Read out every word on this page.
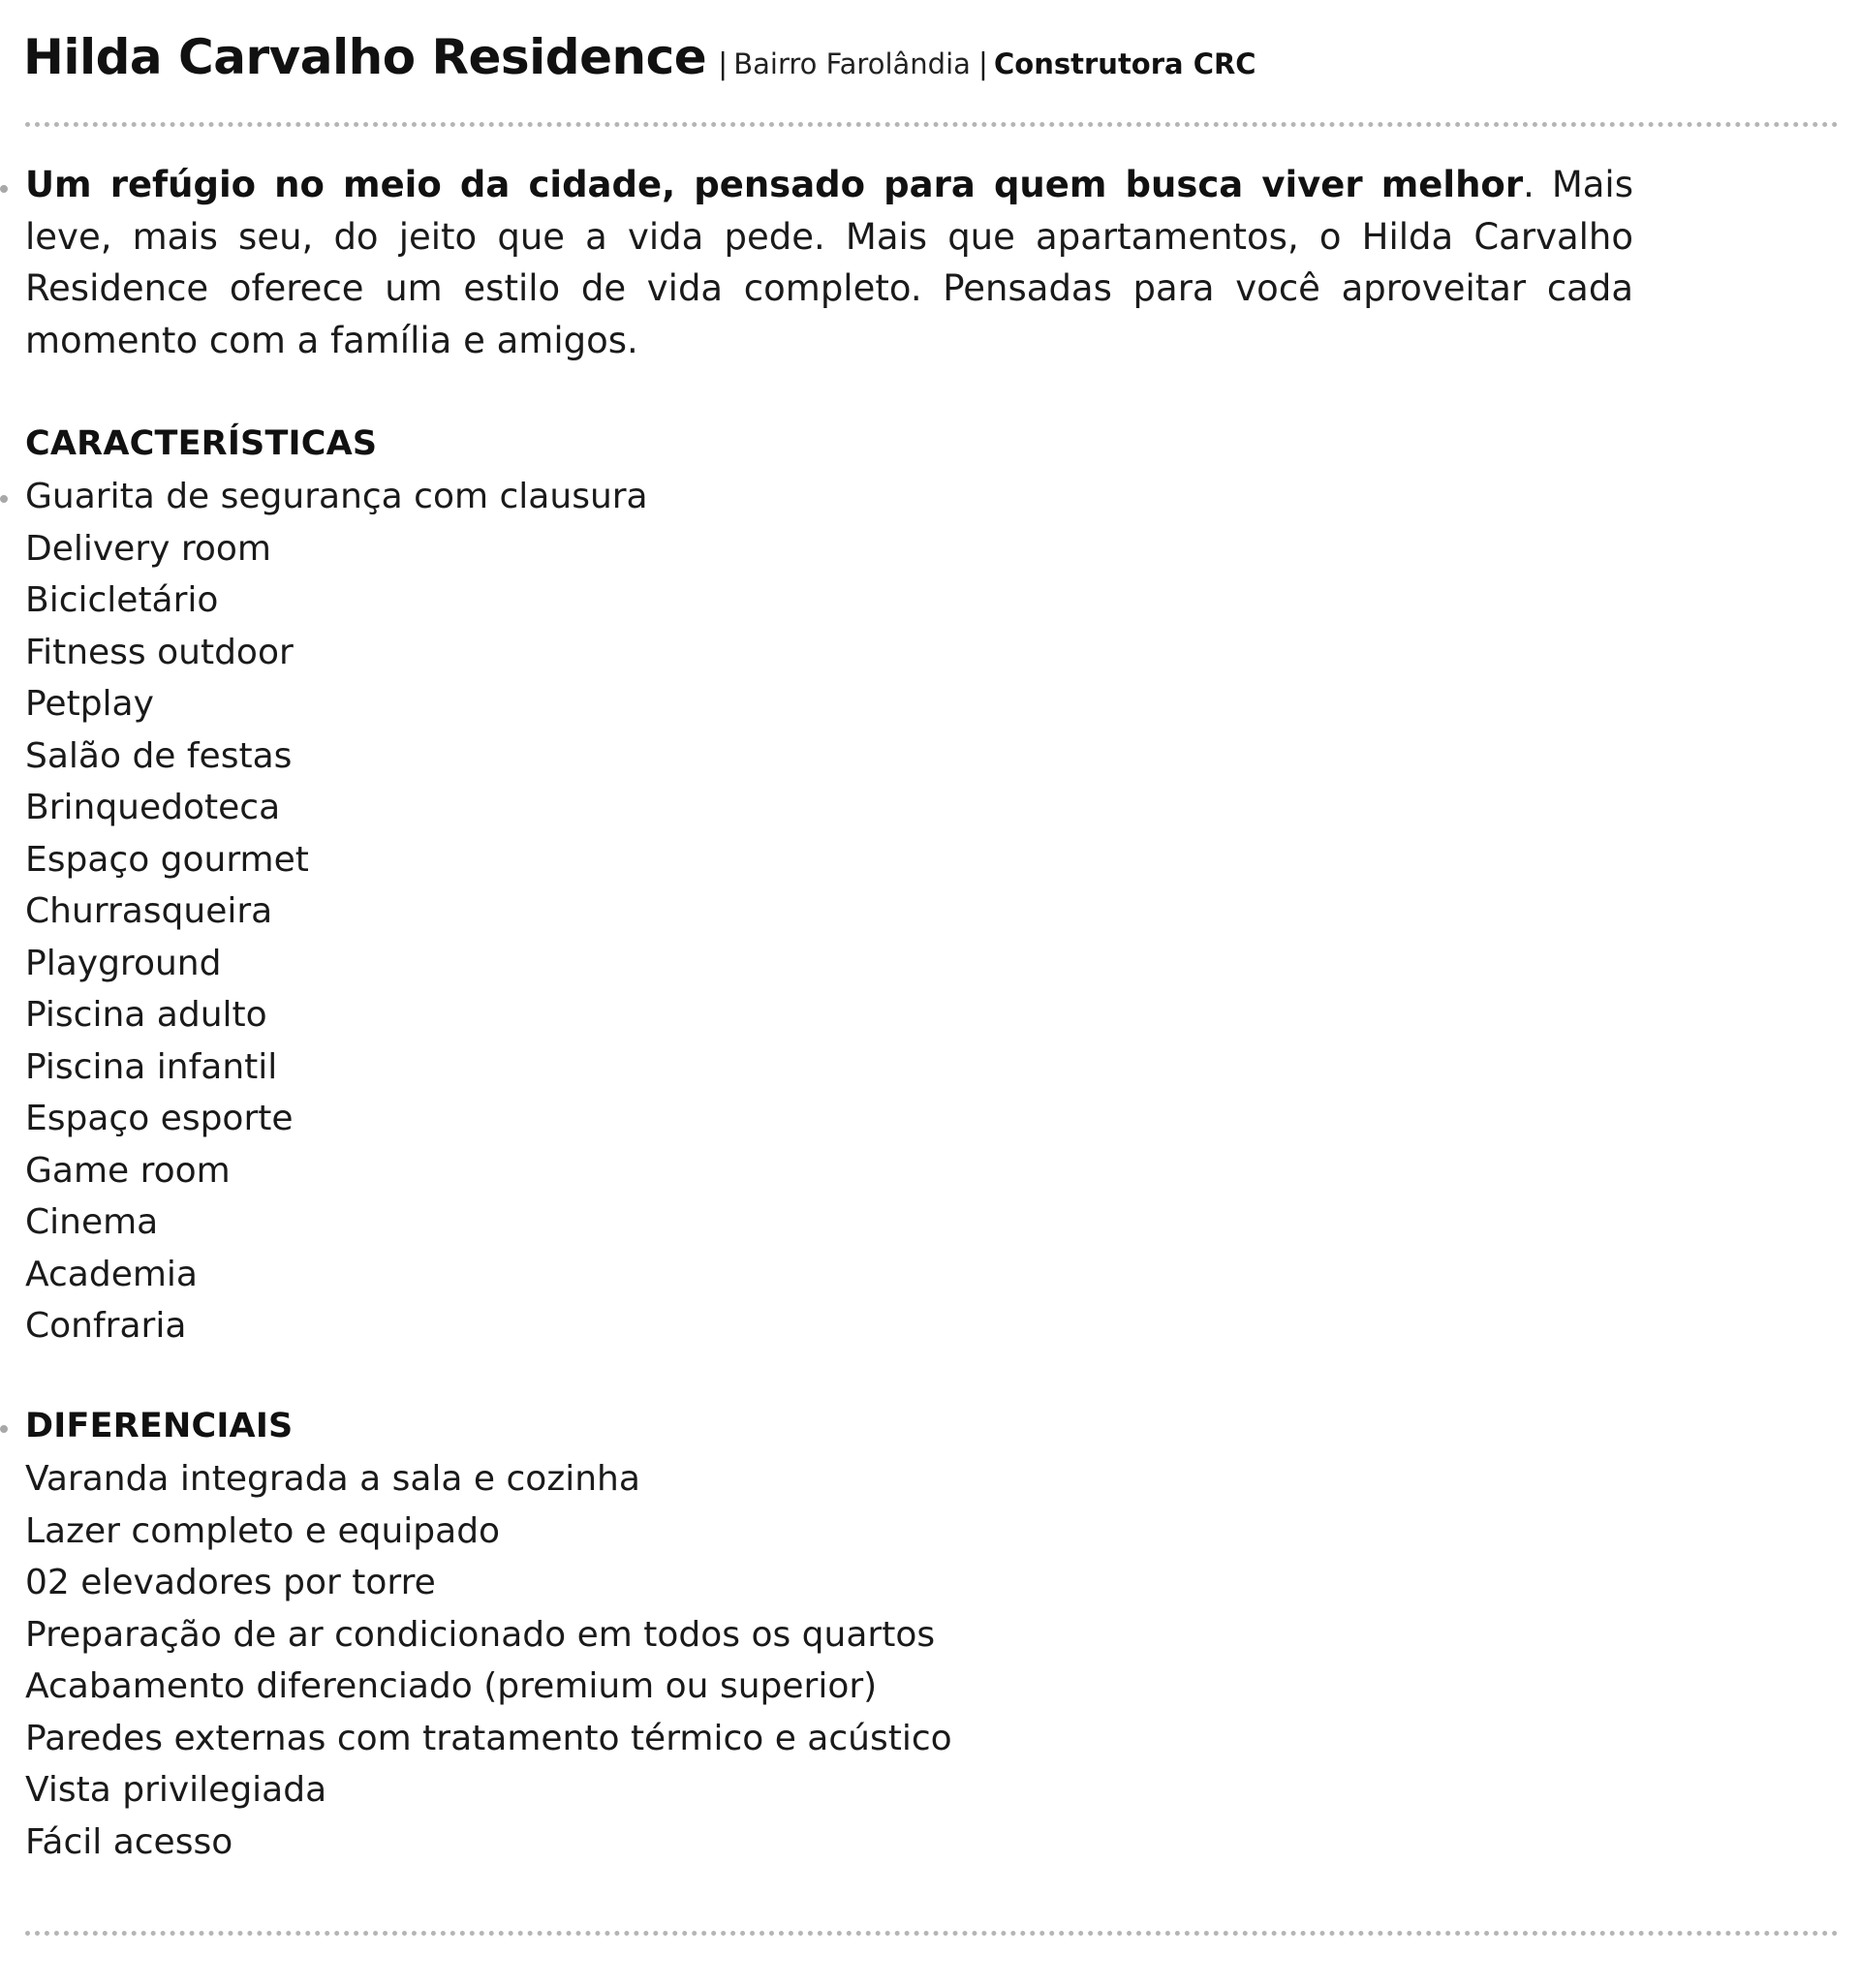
Hilda Carvalho Residence | Bairro Farolândia | Construtora CRC
Um refúgio no meio da cidade, pensado para quem busca viver melhor. Mais leve, mais seu, do jeito que a vida pede. Mais que apartamentos, o Hilda Carvalho Residence oferece um estilo de vida completo. Pensadas para você aproveitar cada momento com a família e amigos.
CARACTERÍSTICAS
Guarita de segurança com clausura
Delivery room
Bicicletário
Fitness outdoor
Petplay
Salão de festas
Brinquedoteca
Espaço gourmet
Churrasqueira
Playground
Piscina adulto
Piscina infantil
Espaço esporte
Game room
Cinema
Academia
Confraria
DIFERENCIAIS
Varanda integrada a sala e cozinha
Lazer completo e equipado
02 elevadores por torre
Preparação de ar condicionado em todos os quartos
Acabamento diferenciado (premium ou superior)
Paredes externas com tratamento térmico e acústico
Vista privilegiada
Fácil acesso
